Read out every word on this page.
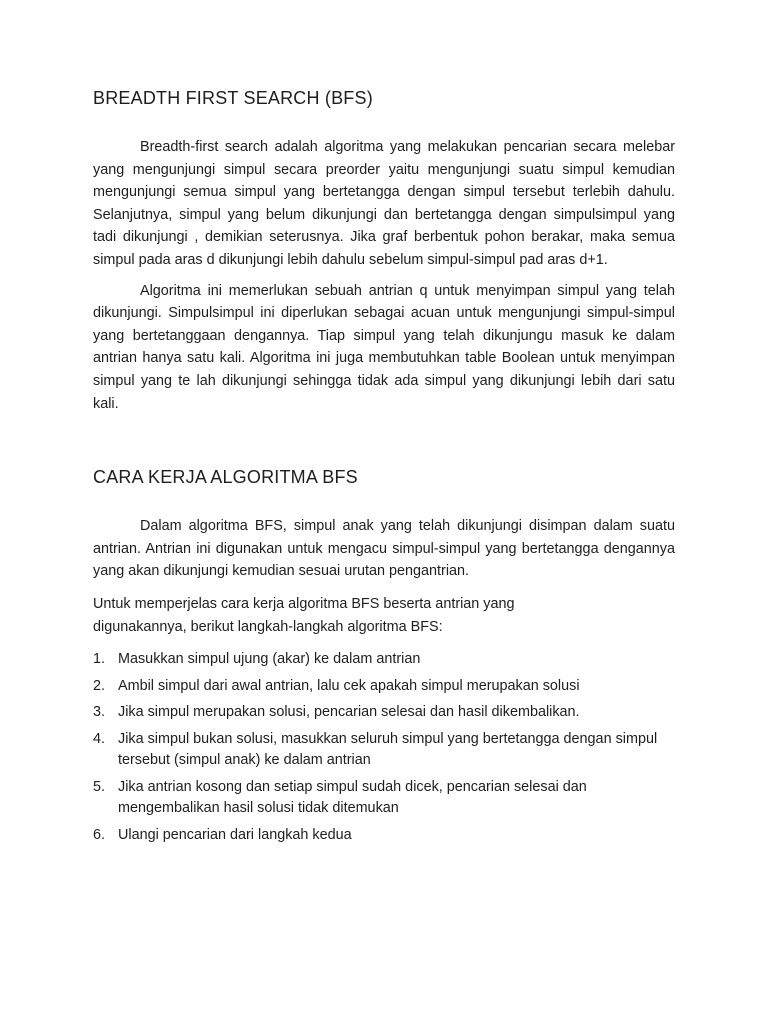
BREADTH FIRST SEARCH (BFS)

Breadth-first search adalah algoritma yang melakukan pencarian secara melebar yang mengunjungi simpul secara preorder yaitu mengunjungi suatu simpul kemudian mengunjungi semua simpul yang bertetangga dengan simpul tersebut terlebih dahulu. Selanjutnya, simpul yang belum dikunjungi dan bertetangga dengan simpulsimpul yang tadi dikunjungi , demikian seterusnya. Jika graf berbentuk pohon berakar, maka semua simpul pada aras d dikunjungi lebih dahulu sebelum simpul-simpul pad aras d+1.

Algoritma ini memerlukan sebuah antrian q untuk menyimpan simpul yang telah dikunjungi. Simpulsimpul ini diperlukan sebagai acuan untuk mengunjungi simpul-simpul yang bertetanggaan dengannya. Tiap simpul yang telah dikunjungu masuk ke dalam antrian hanya satu kali. Algoritma ini juga membutuhkan table Boolean untuk menyimpan simpul yang te lah dikunjungi sehingga tidak ada simpul yang dikunjungi lebih dari satu kali.

CARA KERJA ALGORITMA BFS

Dalam algoritma BFS, simpul anak yang telah dikunjungi disimpan dalam suatu antrian. Antrian ini digunakan untuk mengacu simpul-simpul yang bertetangga dengannya yang akan dikunjungi kemudian sesuai urutan pengantrian.

Untuk memperjelas cara kerja algoritma BFS beserta antrian yang
digunakannya, berikut langkah-langkah algoritma BFS:

1. Masukkan simpul ujung (akar) ke dalam antrian
2. Ambil simpul dari awal antrian, lalu cek apakah simpul merupakan solusi
3. Jika simpul merupakan solusi, pencarian selesai dan hasil dikembalikan.
4. Jika simpul bukan solusi, masukkan seluruh simpul yang bertetangga dengan simpul tersebut (simpul anak) ke dalam antrian
5. Jika antrian kosong dan setiap simpul sudah dicek, pencarian selesai dan mengembalikan hasil solusi tidak ditemukan
6. Ulangi pencarian dari langkah kedua
